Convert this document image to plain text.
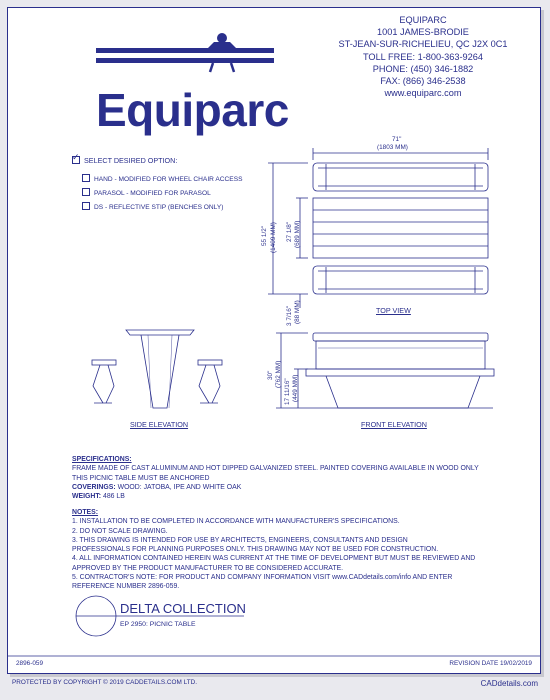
EQUIPARC
1001 JAMES-BRODIE
ST-JEAN-SUR-RICHELIEU, QC J2X 0C1
TOLL FREE: 1-800-363-9264
PHONE: (450) 346-1882
FAX: (866) 346-2538
www.equiparc.com
Equiparc
✓SELECT DESIRED OPTION:
HAND - MODIFIED FOR WHEEL CHAIR ACCESS
PARASOL - MODIFIED FOR PARASOL
DS - REFLECTIVE STIP (BENCHES ONLY)
71"
(1803 MM)
55 1/2" (1409 MM) 27 1/8" (689 MM)
3 7/16" (88 MM)
30" (762 MM)
17 11/16" (449 MM)
TOP VIEW
SIDE ELEVATION	FRONT ELEVATION
SPECIFICATIONS:
FRAME MADE OF CAST ALUMINUM AND HOT DIPPED GALVANIZED STEEL. PAINTED COVERING AVAILABLE IN WOOD ONLY
THIS PICNIC TABLE MUST BE ANCHORED
COVERINGS: WOOD: JATOBA, IPE AND WHITE OAK
WEIGHT: 486 LB
NOTES:
1. INSTALLATION TO BE COMPLETED IN ACCORDANCE WITH MANUFACTURER'S SPECIFICATIONS.
2. DO NOT SCALE DRAWING.
3. THIS DRAWING IS INTENDED FOR USE BY ARCHITECTS, ENGINEERS, CONSULTANTS AND DESIGN
PROFESSIONALS FOR PLANNING PURPOSES ONLY. THIS DRAWING MAY NOT BE USED FOR CONSTRUCTION.
4. ALL INFORMATION CONTAINED HEREIN WAS CURRENT AT THE TIME OF DEVELOPMENT BUT MUST BE REVIEWED AND
APPROVED BY THE PRODUCT MANUFACTURER TO BE CONSIDERED ACCURATE.
5. CONTRACTOR'S NOTE: FOR PRODUCT AND COMPANY INFORMATION VISIT www.CADdetails.com/info AND ENTER
REFERENCE NUMBER 2896-059.
DELTA COLLECTION
EP 2950: PICNIC TABLE
2896-059	REVISION DATE 19/02/2019
PROTECTED BY COPYRIGHT © 2019 CADDETAILS.COM LTD.	CADdetails.com
